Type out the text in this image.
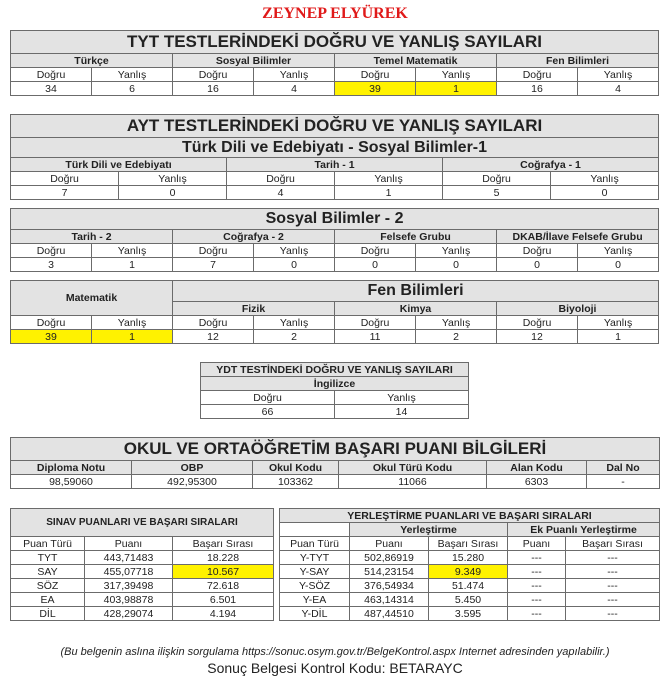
ZEYNEP ELYÜREK
TYT TESTLERİNDEKİ DOĞRU VE YANLIŞ SAYILARI							
Türkçe		Sosyal Bilimler		Temel Matematik		Fen Bilimleri	
Doğru	Yanlış	Doğru	Yanlış	Doğru	Yanlış	Doğru	Yanlış
34	6	16	4	39	1	16	4
AYT TESTLERİNDEKİ DOĞRU VE YANLIŞ SAYILARI
Türk Dili ve Edebiyatı - Sosyal Bilimler-1
Türk Dili ve Edebiyatı		Tarih - 1		Coğrafya - 1	
Doğru	Yanlış	Doğru	Yanlış	Doğru	Yanlış
7	0	4	1	5	0
Sosyal Bilimler - 2							
Tarih - 2		Coğrafya - 2		Felsefe Grubu		DKAB/İlave Felsefe Grubu	
Doğru	Yanlış	Doğru	Yanlış	Doğru	Yanlış	Doğru	Yanlış
3	1	7	0	0	0	0	0
Matematik		Fen Bilimleri					
		Fizik		Kimya		Biyoloji	
Doğru	Yanlış	Doğru	Yanlış	Doğru	Yanlış	Doğru	Yanlış
39	1	12	2	11	2	12	1
YDT TESTİNDEKİ DOĞRU VE YANLIŞ SAYILARI	
İngilizce	
Doğru	Yanlış
66	14
OKUL VE ORTAÖĞRETİM BAŞARI PUANI BİLGİLERİ					
Diploma Notu	OBP	Okul Kodu	Okul Türü Kodu	Alan Kodu	Dal No
98,59060	492,95300	103362	11066	6303	-
SINAV PUANLARI VE BAŞARI SIRALARI		
Puan Türü	Puanı	Başarı Sırası
TYT	443,71483	18.228
SAY	455,07718	10.567
SÖZ	317,39498	72.618
EA	403,98878	6.501
DİL	428,29074	4.194
YERLEŞTİRME PUANLARI VE BAŞARI SIRALARI				
	Yerleştirme		Ek Puanlı Yerleştirme	
Puan Türü	Puanı	Başarı Sırası	Puanı	Başarı Sırası
Y-TYT	502,86919	15.280	---	---
Y-SAY	514,23154	9.349	---	---
Y-SÖZ	376,54934	51.474	---	---
Y-EA	463,14314	5.450	---	---
Y-DİL	487,44510	3.595	---	---
(Bu belgenin aslına ilişkin sorgulama https://sonuc.osym.gov.tr/BelgeKontrol.aspx Internet adresinden yapılabilir.)
Sonuç Belgesi Kontrol Kodu: BETARAYC
